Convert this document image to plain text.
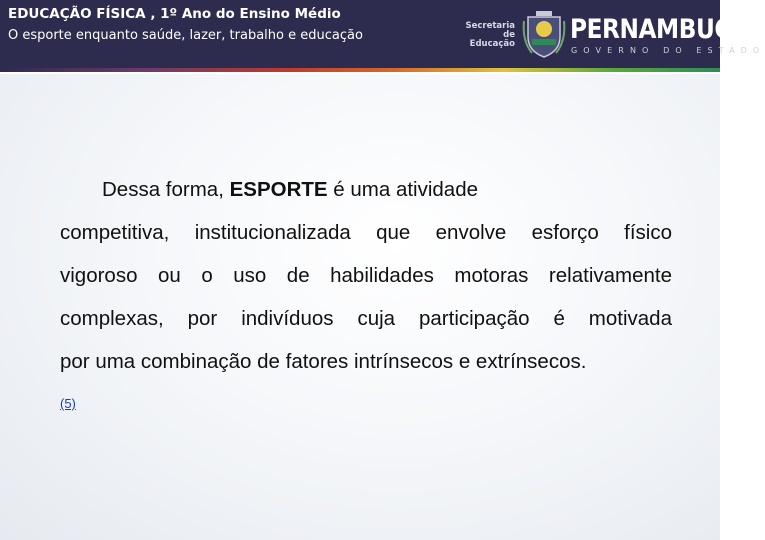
EDUCAÇÃO FÍSICA , 1º Ano do Ensino Médio
O esporte enquanto saúde, lazer, trabalho e educação
Secretaria de
Educação PERNAMBUCO
GOVERNO DO ESTADO
Dessa forma, ESPORTE é uma atividade
competitiva, institucionalizada que envolve esforço físico
vigoroso ou o uso de habilidades motoras relativamente
complexas, por indivíduos cuja participação é motivada
por uma combinação de fatores intrínsecos e extrínsecos.
(5)
